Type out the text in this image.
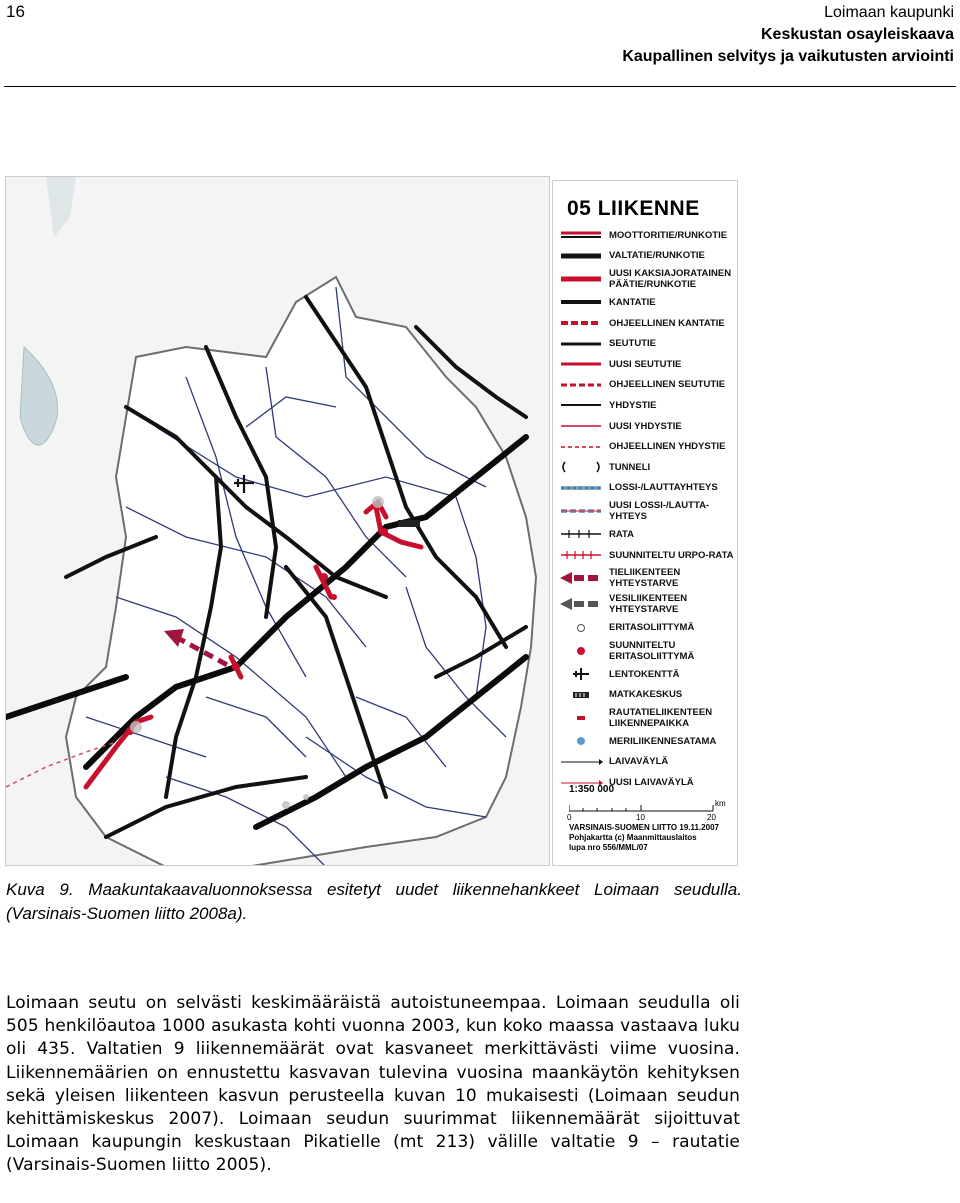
16	Loimaan kaupunki
Keskustan osayleiskaava
Kaupallinen selvitys ja vaikutusten arviointi
05 LIIKENNE
MOOTTORITIE/RUNKOTIE
VALTATIE/RUNKOTIE
UUSI KAKSIAJORATAINEN PÄÄTIE/RUNKOTIE
KANTATIE
OHJEELLINEN KANTATIE
SEUTUTIE
UUSI SEUTUTIE
OHJEELLINEN SEUTUTIE
YHDYSTIE
UUSI YHDYSTIE
OHJEELLINEN YHDYSTIE
TUNNELI
LOSSI-/LAUTTAYHTEYS
UUSI LOSSI-/LAUTTA-YHTEYS
RATA
SUUNNITELTU URPO-RATA
TIELIIKENTEEN YHTEYSTARVE
VESILIIKENTEEN YHTEYSTARVE
ERITASOLIITTYMÄ
SUUNNITELTU ERITASOLIITTYMÄ
LENTOKENTTÄ
MATKAKESKUS
RAUTATIELIIKENTEEN LIIKENNEPAIKKA
MERILIIKENNESATAMA
LAIVAVÄYLÄ
UUSI LAIVAVÄYLÄ
1:350 000
km
0	10	20
VARSINAIS-SUOMEN LIITTO 19.11.2007
Pohjakartta (c) Maanmittauslaitos
lupa nro 556/MML/07
Kuva 9. Maakuntakaavaluonnoksessa esitetyt uudet liikennehankkeet Loimaan seudulla.(Varsinais-Suomen liitto 2008a).

Loimaan seutu on selvästi keskimääräistä autoistuneempaa. Loimaan seudulla oli 505 henkilöautoa 1000 asukasta kohti vuonna 2003, kun koko maassa vastaava luku oli 435. Valtatien 9 liikennemäärät ovat kasvaneet merkittävästi viime vuosina. Liikennemäärien on ennustettu kasvavan tulevina vuosina maankäytön kehityksen sekä yleisen liikenteen kasvun perusteella kuvan 10 mukaisesti (Loimaan seudun kehittämiskeskus 2007). Loimaan seudun suurimmat liikennemäärät sijoittuvat Loimaan kaupungin keskustaan Pikatielle (mt 213) välille valtatie 9 – rautatie (Varsinais-Suomen liitto 2005).
